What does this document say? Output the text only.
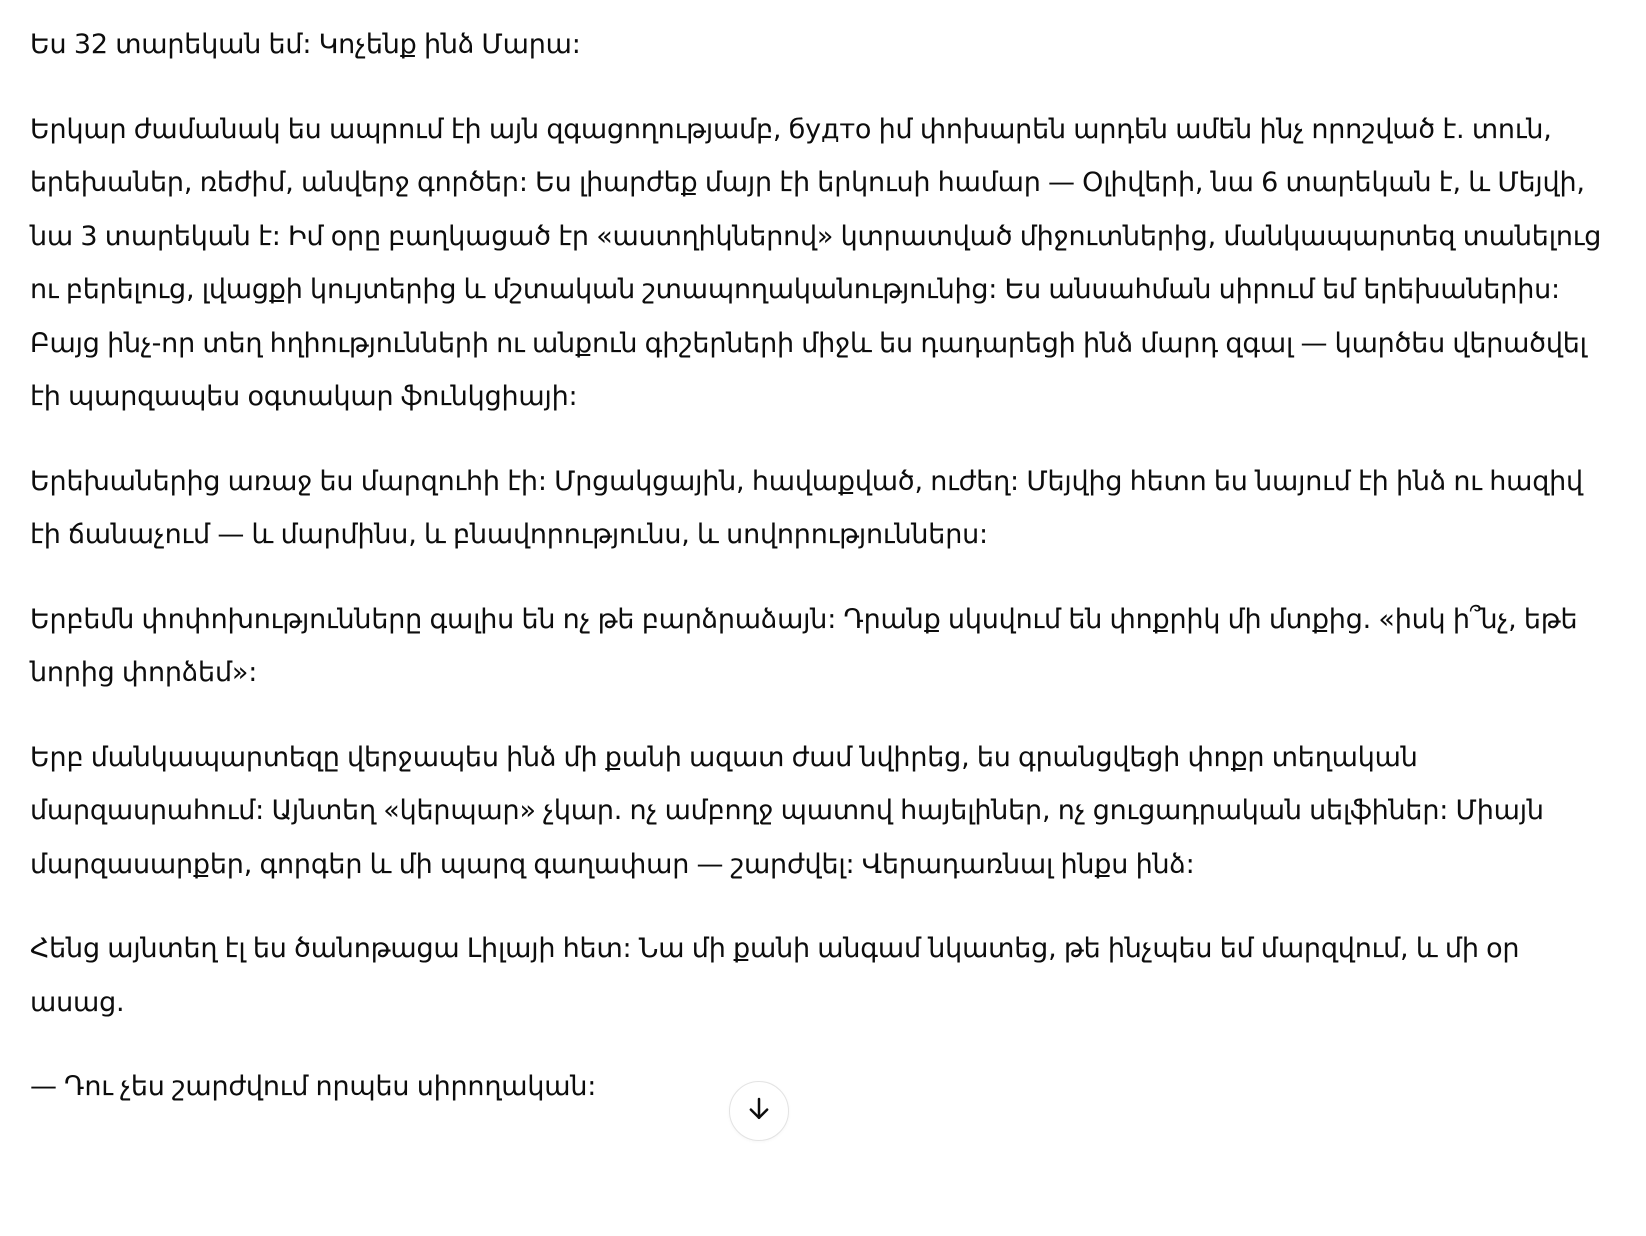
Ես 32 տարեկան եմ: Կոչենք ինձ Մարա:

Երկար ժամանակ ես ապրում էի այն զգացողությամբ, будто իմ փոխարեն արդեն ամեն ինչ որոշված է. տուն, երեխաներ, ռեժիմ, անվերջ գործեր: Ես լիարժեք մայր էի երկուսի համար — Օլիվերի, նա 6 տարեկան է, և Մեյվի, նա 3 տարեկան է: Իմ օրը բաղկացած էր «աստղիկներով» կտրատված միջուտներից, մանկապարտեզ տանելուց ու բերելուց, լվացքի կույտերից և մշտական շտապողականությունից: Ես անսահման սիրում եմ երեխաներիս: Բայց ինչ-որ տեղ հղիությունների ու անքուն գիշերների միջև ես դադարեցի ինձ մարդ զգալ — կարծես վերածվել էի պարզապես օգտակար ֆունկցիայի:

Երեխաներից առաջ ես մարզուհի էի: Մրցակցային, հավաքված, ուժեղ: Մեյվից հետո ես նայում էի ինձ ու հազիվ էի ճանաչում — և մարմինս, և բնավորությունս, և սովորություններս:

Երբեմն փոփոխությունները գալիս են ոչ թե բարձրաձայն: Դրանք սկսվում են փոքրիկ մի մտքից. «իսկ ի՞նչ, եթե նորից փորձեմ»:

Երբ մանկապարտեզը վերջապես ինձ մի քանի ազատ ժամ նվիրեց, ես գրանցվեցի փոքր տեղական մարզասրահում: Այնտեղ «կերպար» չկար. ոչ ամբողջ պատով հայելիներ, ոչ ցուցադրական սելֆիներ: Միայն մարզասարքեր, գորգեր և մի պարզ գաղափար — շարժվել: Վերադառնալ ինքս ինձ:

Հենց այնտեղ էլ ես ծանոթացա Լիլայի հետ: Նա մի քանի անգամ նկատեց, թե ինչպես եմ մարզվում, և մի օր ասաց.

— Դու չես շարժվում որպես սիրողական:
